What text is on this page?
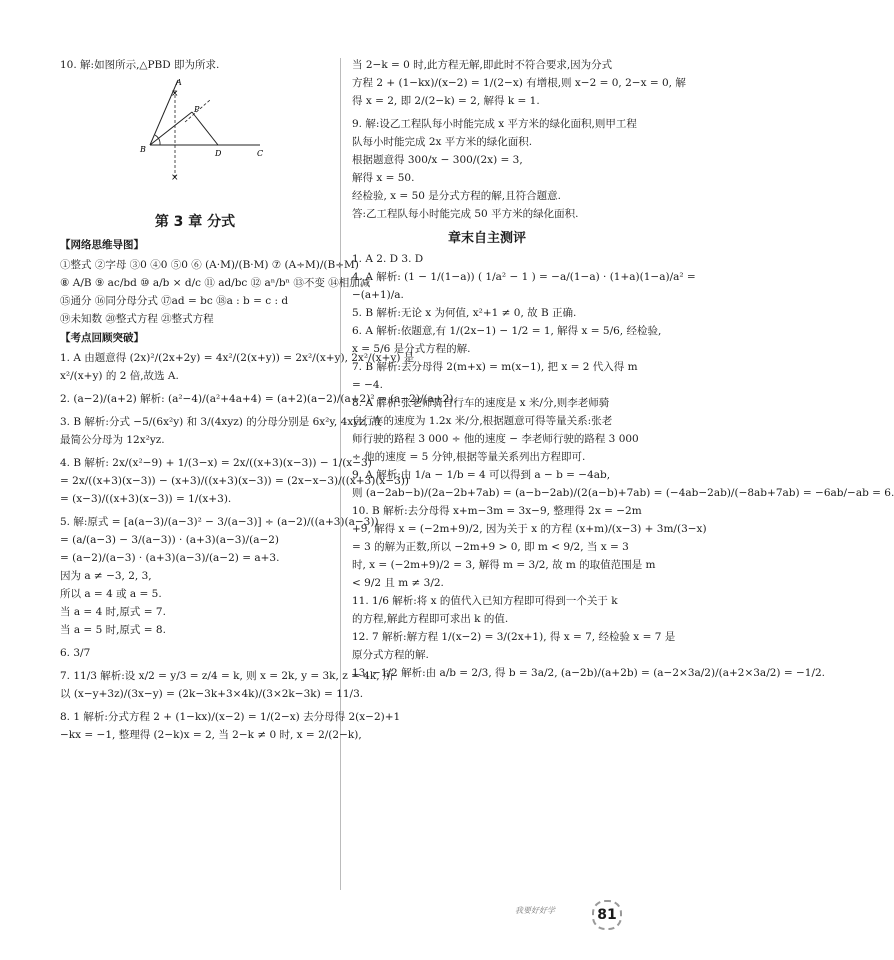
10. 解:如图所示,△PBD 即为所求.
×
×
A
B
P
D	C
第 3 章 分式
【网络思维导图】
①整式 ②字母 ③0 ④0 ⑤0 ⑥ (A·M)/(B·M) ⑦ (A÷M)/(B÷M)
⑧ A/B ⑨ ac/bd ⑩ a/b × d/c ⑪ ad/bc ⑫ aⁿ/bⁿ ⑬不变 ⑭相加减
⑮通分 ⑯同分母分式 ⑰ad = bc ⑱a : b = c : d
⑲未知数 ⑳整式方程 ㉑整式方程
【考点回顾突破】
1. A 由题意得 (2x)²/(2x+2y) = 4x²/(2(x+y)) = 2x²/(x+y), 2x²/(x+y) 是
x²/(x+y) 的 2 倍,故选 A.
2. (a−2)/(a+2) 解析: (a²−4)/(a²+4a+4) = (a+2)(a−2)/(a+2)² = (a−2)/(a+2).
3. B 解析:分式 −5/(6x²y) 和 3/(4xyz) 的分母分别是 6x²y, 4xyz, 故
最简公分母为 12x²yz.
4. B 解析: 2x/(x²−9) + 1/(3−x) = 2x/((x+3)(x−3)) − 1/(x−3)
= 2x/((x+3)(x−3)) − (x+3)/((x+3)(x−3)) = (2x−x−3)/((x+3)(x−3))
= (x−3)/((x+3)(x−3)) = 1/(x+3).
5. 解:原式 = [a(a−3)/(a−3)² − 3/(a−3)] ÷ (a−2)/((a+3)(a−3))
= (a/(a−3) − 3/(a−3)) · (a+3)(a−3)/(a−2)
= (a−2)/(a−3) · (a+3)(a−3)/(a−2) = a+3.
因为 a ≠ −3, 2, 3,
所以 a = 4 或 a = 5.
当 a = 4 时,原式 = 7.
当 a = 5 时,原式 = 8.
6. 3/7
7. 11/3 解析:设 x/2 = y/3 = z/4 = k, 则 x = 2k, y = 3k, z = 4k, 所
以 (x−y+3z)/(3x−y) = (2k−3k+3×4k)/(3×2k−3k) = 11/3.
8. 1 解析:分式方程 2 + (1−kx)/(x−2) = 1/(2−x) 去分母得 2(x−2)+1
−kx = −1, 整理得 (2−k)x = 2, 当 2−k ≠ 0 时, x = 2/(2−k),
当 2−k = 0 时,此方程无解,即此时不符合要求,因为分式
方程 2 + (1−kx)/(x−2) = 1/(2−x) 有增根,则 x−2 = 0, 2−x = 0, 解
得 x = 2, 即 2/(2−k) = 2, 解得 k = 1.
9. 解:设乙工程队每小时能完成 x 平方米的绿化面积,则甲工程
队每小时能完成 2x 平方米的绿化面积.
根据题意得 300/x − 300/(2x) = 3,
解得 x = 50.
经检验, x = 50 是分式方程的解,且符合题意.
答:乙工程队每小时能完成 50 平方米的绿化面积.
章末自主测评
1. A 2. D 3. D
4. A 解析: (1 − 1/(1−a)) ( 1/a² − 1 ) = −a/(1−a) · (1+a)(1−a)/a² =
−(a+1)/a.
5. B 解析:无论 x 为何值, x²+1 ≠ 0, 故 B 正确.
6. A 解析:依题意,有 1/(2x−1) − 1/2 = 1, 解得 x = 5/6, 经检验,
x = 5/6 是分式方程的解.
7. B 解析:去分母得 2(m+x) = m(x−1), 把 x = 2 代入得 m
= −4.
8. A 解析:张老师骑自行车的速度是 x 米/分,则李老师骑
自行车的速度为 1.2x 米/分,根据题意可得等量关系:张老
师行驶的路程 3 000 ÷ 他的速度 − 李老师行驶的路程 3 000
÷ 他的速度 = 5 分钟,根据等量关系列出方程即可.
9. A 解析:由 1/a − 1/b = 4 可以得到 a − b = −4ab,
则 (a−2ab−b)/(2a−2b+7ab) = (a−b−2ab)/(2(a−b)+7ab) = (−4ab−2ab)/(−8ab+7ab) = −6ab/−ab = 6.
10. B 解析:去分母得 x+m−3m = 3x−9, 整理得 2x = −2m
+9, 解得 x = (−2m+9)/2, 因为关于 x 的方程 (x+m)/(x−3) + 3m/(3−x)
= 3 的解为正数,所以 −2m+9 > 0, 即 m < 9/2, 当 x = 3
时, x = (−2m+9)/2 = 3, 解得 m = 3/2, 故 m 的取值范围是 m
< 9/2 且 m ≠ 3/2.
11. 1/6 解析:将 x 的值代入已知方程即可得到一个关于 k
的方程,解此方程即可求出 k 的值.
12. 7 解析:解方程 1/(x−2) = 3/(2x+1), 得 x = 7, 经检验 x = 7 是
原分式方程的解.
13. −1/2 解析:由 a/b = 2/3, 得 b = 3a/2, (a−2b)/(a+2b) = (a−2×3a/2)/(a+2×3a/2) = −1/2.
我要好好学	81
